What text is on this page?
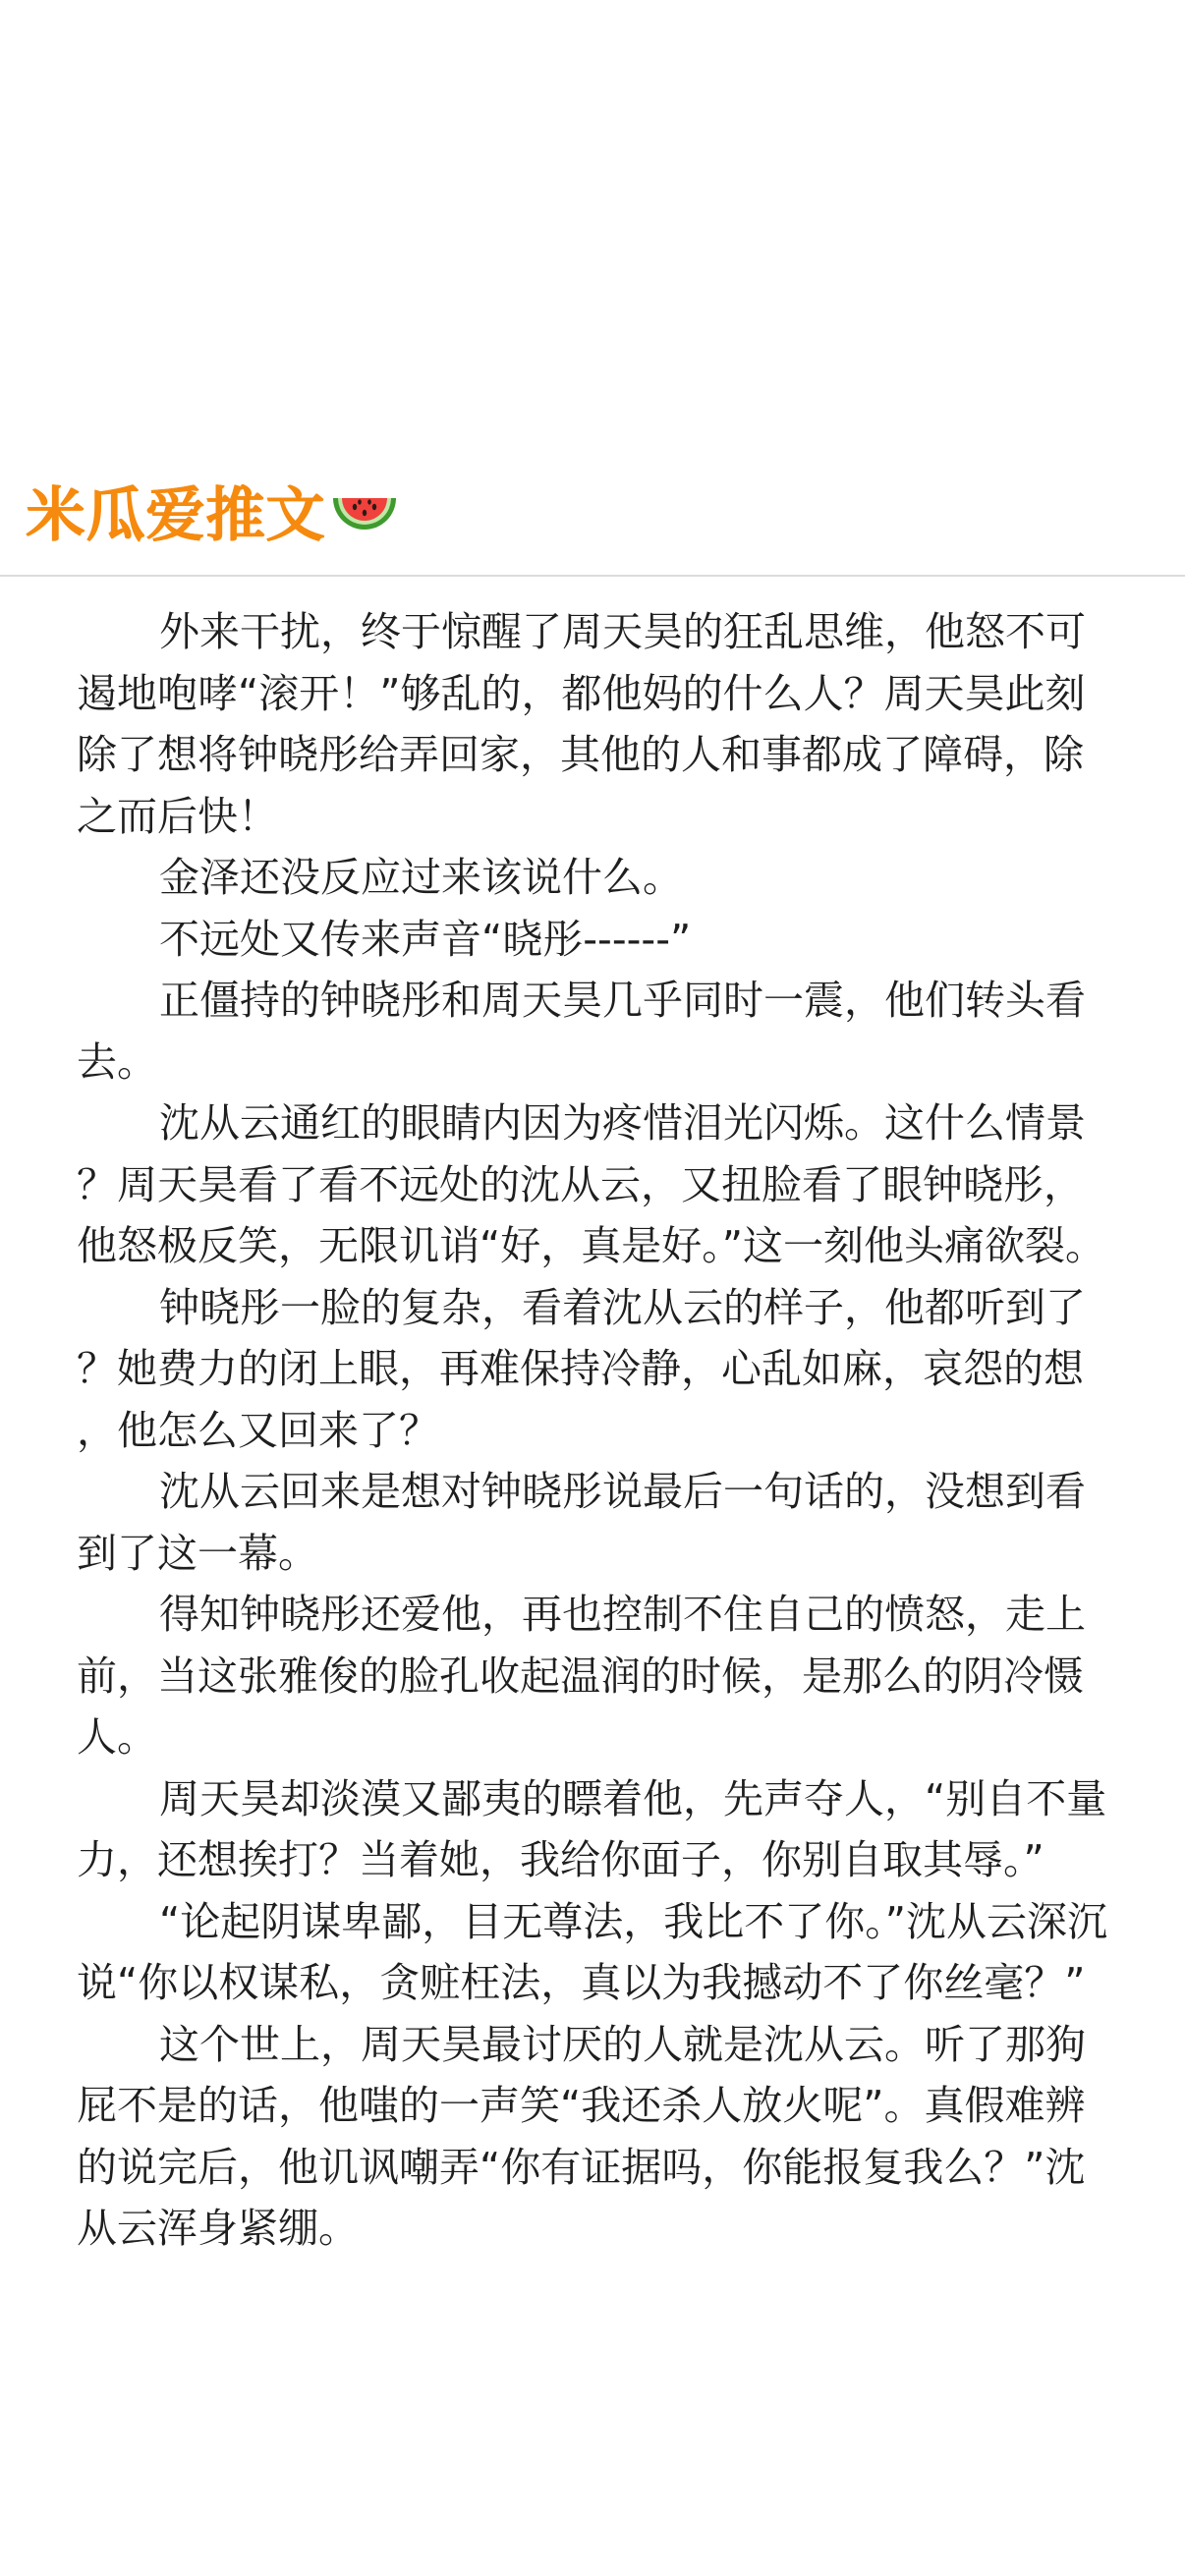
米瓜爱推文

外来干扰，终于惊醒了周天昊的狂乱思维，他怒不可遏地咆哮“滚开！”够乱的，都他妈的什么人？周天昊此刻除了想将钟晓彤给弄回家，其他的人和事都成了障碍，除之而后快！

金泽还没反应过来该说什么。

不远处又传来声音“晓彤------”

正僵持的钟晓彤和周天昊几乎同时一震，他们转头看去。

沈从云通红的眼睛内因为疼惜泪光闪烁。这什么情景？周天昊看了看不远处的沈从云，又扭脸看了眼钟晓彤，他怒极反笑，无限讥诮“好，真是好。”这一刻他头痛欲裂。

钟晓彤一脸的复杂，看着沈从云的样子，他都听到了？她费力的闭上眼，再难保持冷静，心乱如麻，哀怨的想，他怎么又回来了？

沈从云回来是想对钟晓彤说最后一句话的，没想到看到了这一幕。

得知钟晓彤还爱他，再也控制不住自己的愤怒，走上前，当这张雅俊的脸孔收起温润的时候，是那么的阴冷慑人。

周天昊却淡漠又鄙夷的瞟着他，先声夺人，“别自不量力，还想挨打？当着她，我给你面子，你别自取其辱。”

“论起阴谋卑鄙，目无尊法，我比不了你。”沈从云深沉说“你以权谋私，贪赃枉法，真以为我撼动不了你丝毫？”

这个世上，周天昊最讨厌的人就是沈从云。听了那狗屁不是的话，他嗤的一声笑“我还杀人放火呢”。真假难辨的说完后，他讥讽嘲弄“你有证据吗，你能报复我么？”沈从云浑身紧绷。
